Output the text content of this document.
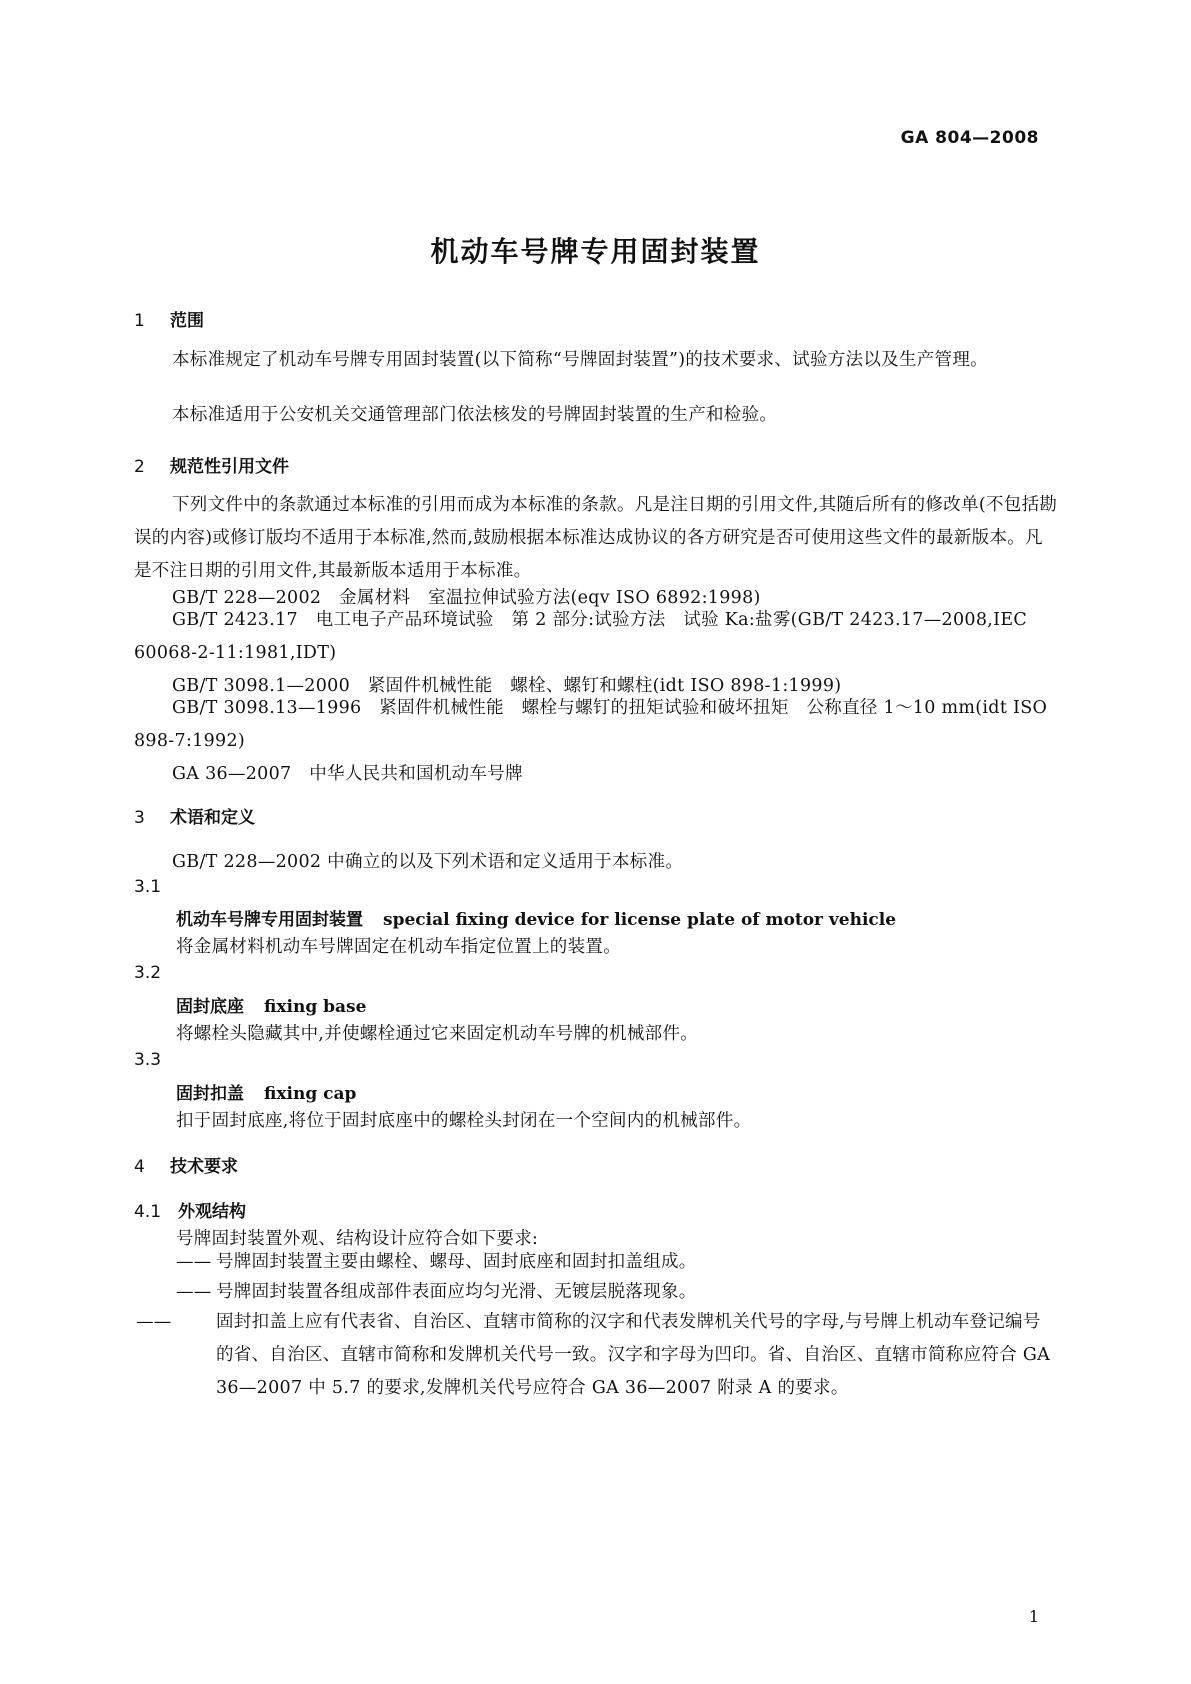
GA 804—2008
机动车号牌专用固封装置
1 范围
本标准规定了机动车号牌专用固封装置(以下简称“号牌固封装置”)的技术要求、试验方法以及生产管理。
本标准适用于公安机关交通管理部门依法核发的号牌固封装置的生产和检验。
2 规范性引用文件
下列文件中的条款通过本标准的引用而成为本标准的条款。凡是注日期的引用文件,其随后所有的修改单(不包括勘误的内容)或修订版均不适用于本标准,然而,鼓励根据本标准达成协议的各方研究是否可使用这些文件的最新版本。凡是不注日期的引用文件,其最新版本适用于本标准。
GB/T 228—2002　金属材料　室温拉伸试验方法(eqv ISO 6892:1998)
GB/T 2423.17　电工电子产品环境试验　第 2 部分:试验方法　试验 Ka:盐雾(GB/T 2423.17—2008,IEC 60068-2-11:1981,IDT)
GB/T 3098.1—2000　紧固件机械性能　螺栓、螺钉和螺柱(idt ISO 898-1:1999)
GB/T 3098.13—1996　紧固件机械性能　螺栓与螺钉的扭矩试验和破坏扭矩　公称直径 1～10 mm(idt ISO 898-7:1992)
GA 36—2007　中华人民共和国机动车号牌
3 术语和定义
GB/T 228—2002 中确立的以及下列术语和定义适用于本标准。
3.1
机动车号牌专用固封装置 special fixing device for license plate of motor vehicle
将金属材料机动车号牌固定在机动车指定位置上的装置。
3.2
固封底座 fixing base
将螺栓头隐藏其中,并使螺栓通过它来固定机动车号牌的机械部件。
3.3
固封扣盖 fixing cap
扣于固封底座,将位于固封底座中的螺栓头封闭在一个空间内的机械部件。
4 技术要求
4.1 外观结构
号牌固封装置外观、结构设计应符合如下要求:
—— 号牌固封装置主要由螺栓、螺母、固封底座和固封扣盖组成。
—— 号牌固封装置各组成部件表面应均匀光滑、无镀层脱落现象。
——	固封扣盖上应有代表省、自治区、直辖市简称的汉字和代表发牌机关代号的字母,与号牌上机动车登记编号的省、自治区、直辖市简称和发牌机关代号一致。汉字和字母为凹印。省、自治区、直辖市简称应符合 GA 36—2007 中 5.7 的要求,发牌机关代号应符合 GA 36—2007 附录 A 的要求。
1
